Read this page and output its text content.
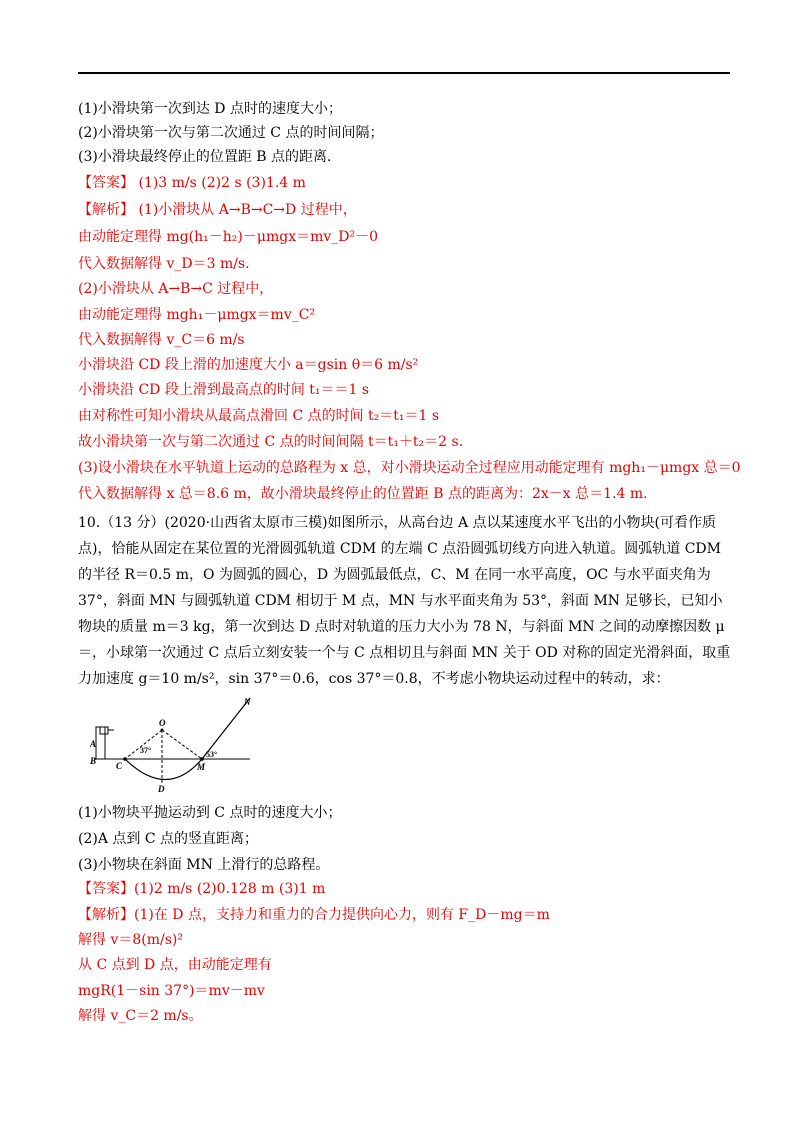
(1)小滑块第一次到达 D 点时的速度大小；
(2)小滑块第一次与第二次通过 C 点的时间间隔；
(3)小滑块最终停止的位置距 B 点的距离．
【答案】 (1)3 m/s (2)2 s (3)1.4 m
【解析】 (1)小滑块从 A→B→C→D 过程中，
由动能定理得 mg(h₁－h₂)－μmgx＝mv_D²－0
代入数据解得 v_D＝3 m/s.
(2)小滑块从 A→B→C 过程中，
由动能定理得 mgh₁－μmgx＝mv_C²
代入数据解得 v_C＝6 m/s
小滑块沿 CD 段上滑的加速度大小 a＝gsin θ＝6 m/s²
小滑块沿 CD 段上滑到最高点的时间 t₁＝＝1 s
由对称性可知小滑块从最高点滑回 C 点的时间 t₂＝t₁＝1 s
故小滑块第一次与第二次通过 C 点的时间间隔 t＝t₁＋t₂＝2 s.
(3)设小滑块在水平轨道上运动的总路程为 x 总，对小滑块运动全过程应用动能定理有 mgh₁－μmgx 总＝0
代入数据解得 x 总＝8.6 m，故小滑块最终停止的位置距 B 点的距离为：2x－x 总＝1.4 m.
10.（13 分）(2020·山西省太原市三模)如图所示，从高台边 A 点以某速度水平飞出的小物块(可看作质点)，恰能从固定在某位置的光滑圆弧轨道 CDM 的左端 C 点沿圆弧切线方向进入轨道。圆弧轨道 CDM 的半径 R＝0.5 m，O 为圆弧的圆心，D 为圆弧最低点，C、M 在同一水平高度，OC 与水平面夹角为 37°，斜面 MN 与圆弧轨道 CDM 相切于 M 点，MN 与水平面夹角为 53°，斜面 MN 足够长，已知小物块的质量 m＝3 kg，第一次到达 D 点时对轨道的压力大小为 78 N，与斜面 MN 之间的动摩擦因数 μ＝，小球第一次通过 C 点后立刻安装一个与 C 点相切且与斜面 MN 关于 OD 对称的固定光滑斜面，取重力加速度 g＝10 m/s²，sin 37°＝0.6，cos 37°＝0.8，不考虑小物块运动过程中的转动，求：
A
B C
D
O
M
N
37°	53°
(1)小物块平抛运动到 C 点时的速度大小；
(2)A 点到 C 点的竖直距离；
(3)小物块在斜面 MN 上滑行的总路程。
【答案】(1)2 m/s (2)0.128 m (3)1 m
【解析】(1)在 D 点，支持力和重力的合力提供向心力，则有 F_D－mg＝m
解得 v＝8(m/s)²
从 C 点到 D 点，由动能定理有
mgR(1－sin 37°)＝mv－mv
解得 v_C＝2 m/s。
